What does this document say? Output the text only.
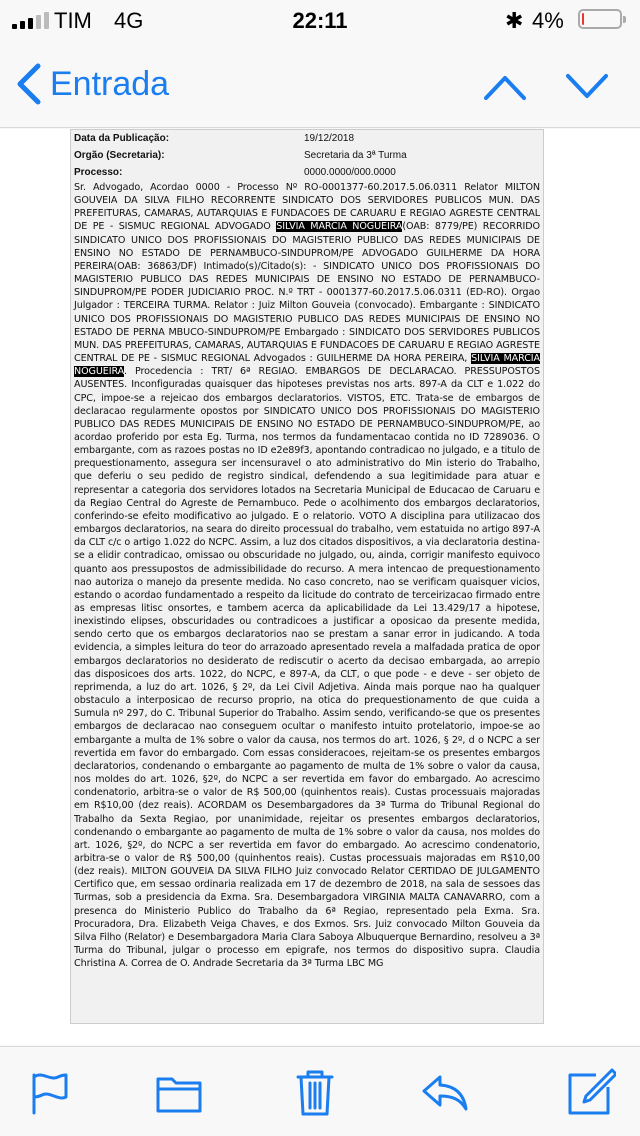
TIM 4G	22:11	✱ 4%
Entrada
Data da Publicação:	19/12/2018
Orgão (Secretaria):	Secretaria da 3ª Turma
Processo:	0000.0000/000.0000
Sr. Advogado, Acordao 0000 - Processo Nº RO-0001377-60.2017.5.06.0311 Relator MILTON GOUVEIA DA SILVA FILHO RECORRENTE SINDICATO DOS SERVIDORES PUBLICOS MUN. DAS PREFEITURAS, CAMARAS, AUTARQUIAS E FUNDACOES DE CARUARU E REGIAO AGRESTE CENTRAL DE PE - SISMUC REGIONAL ADVOGADO SILVIA MARCIA NOGUEIRA(OAB: 8779/PE) RECORRIDO SINDICATO UNICO DOS PROFISSIONAIS DO MAGISTERIO PUBLICO DAS REDES MUNICIPAIS DE ENSINO NO ESTADO DE PERNAMBUCO-SINDUPROM/PE ADVOGADO GUILHERME DA HORA PEREIRA(OAB: 36863/DF) Intimado(s)/Citado(s): - SINDICATO UNICO DOS PROFISSIONAIS DO MAGISTERIO PUBLICO DAS REDES MUNICIPAIS DE ENSINO NO ESTADO DE PERNAMBUCO-SINDUPROM/PE PODER JUDICIARIO PROC. N.º TRT - 0001377-60.2017.5.06.0311 (ED-RO). Orgao Julgador : TERCEIRA TURMA. Relator : Juiz Milton Gouveia (convocado). Embargante : SINDICATO UNICO DOS PROFISSIONAIS DO MAGISTERIO PUBLICO DAS REDES MUNICIPAIS DE ENSINO NO ESTADO DE PERNA MBUCO-SINDUPROM/PE Embargado : SINDICATO DOS SERVIDORES PUBLICOS MUN. DAS PREFEITURAS, CAMARAS, AUTARQUIAS E FUNDACOES DE CARUARU E REGIAO AGRESTE CENTRAL DE PE - SISMUC REGIONAL Advogados : GUILHERME DA HORA PEREIRA, SILVIA MARCIA NOGUEIRA. Procedencia : TRT/ 6ª REGIAO. EMBARGOS DE DECLARACAO. PRESSUPOSTOS AUSENTES. Inconfiguradas quaisquer das hipoteses previstas nos arts. 897-A da CLT e 1.022 do CPC, impoe-se a rejeicao dos embargos declaratorios. VISTOS, ETC. Trata-se de embargos de declaracao regularmente opostos por SINDICATO UNICO DOS PROFISSIONAIS DO MAGISTERIO PUBLICO DAS REDES MUNICIPAIS DE ENSINO NO ESTADO DE PERNAMBUCO-SINDUPROM/PE, ao acordao proferido por esta Eg. Turma, nos termos da fundamentacao contida no ID 7289036. O embargante, com as razoes postas no ID e2e89f3, apontando contradicao no julgado, e a titulo de prequestionamento, assegura ser incensuravel o ato administrativo do Min isterio do Trabalho, que deferiu o seu pedido de registro sindical, defendendo a sua legitimidade para atuar e representar a categoria dos servidores lotados na Secretaria Municipal de Educacao de Caruaru e da Regiao Central do Agreste de Pernambuco. Pede o acolhimento dos embargos declaratorios, conferindo-se efeito modificativo ao julgado. E o relatorio. VOTO A disciplina para utilizacao dos embargos declaratorios, na seara do direito processual do trabalho, vem estatuida no artigo 897-A da CLT c/c o artigo 1.022 do NCPC. Assim, a luz dos citados dispositivos, a via declaratoria destina-se a elidir contradicao, omissao ou obscuridade no julgado, ou, ainda, corrigir manifesto equivoco quanto aos pressupostos de admissibilidade do recurso. A mera intencao de prequestionamento nao autoriza o manejo da presente medida. No caso concreto, nao se verificam quaisquer vicios, estando o acordao fundamentado a respeito da licitude do contrato de terceirizacao firmado entre as empresas litisc onsortes, e tambem acerca da aplicabilidade da Lei 13.429/17 a hipotese, inexistindo elipses, obscuridades ou contradicoes a justificar a oposicao da presente medida, sendo certo que os embargos declaratorios nao se prestam a sanar error in judicando. A toda evidencia, a simples leitura do teor do arrazoado apresentado revela a malfadada pratica de opor embargos declaratorios no desiderato de rediscutir o acerto da decisao embargada, ao arrepio das disposicoes dos arts. 1022, do NCPC, e 897-A, da CLT, o que pode - e deve - ser objeto de reprimenda, a luz do art. 1026, § 2º, da Lei Civil Adjetiva. Ainda mais porque nao ha qualquer obstaculo a interposicao de recurso proprio, na otica do prequestionamento de que cuida a Sumula nº 297, do C. Tribunal Superior do Trabalho. Assim sendo, verificando-se que os presentes embargos de declaracao nao conseguem ocultar o manifesto intuito protelatorio, impoe-se ao embargante a multa de 1% sobre o valor da causa, nos termos do art. 1026, § 2º, d o NCPC a ser revertida em favor do embargado. Com essas consideracoes, rejeitam-se os presentes embargos declaratorios, condenando o embargante ao pagamento de multa de 1% sobre o valor da causa, nos moldes do art. 1026, §2º, do NCPC a ser revertida em favor do embargado. Ao acrescimo condenatorio, arbitra-se o valor de R$ 500,00 (quinhentos reais). Custas processuais majoradas em R$10,00 (dez reais). ACORDAM os Desembargadores da 3ª Turma do Tribunal Regional do Trabalho da Sexta Regiao, por unanimidade, rejeitar os presentes embargos declaratorios, condenando o embargante ao pagamento de multa de 1% sobre o valor da causa, nos moldes do art. 1026, §2º, do NCPC a ser revertida em favor do embargado. Ao acrescimo condenatorio, arbitra-se o valor de R$ 500,00 (quinhentos reais). Custas processuais majoradas em R$10,00 (dez reais). MILTON GOUVEIA DA SILVA FILHO Juiz convocado Relator CERTIDAO DE JULGAMENTO Certifico que, em sessao ordinaria realizada em 17 de dezembro de 2018, na sala de sessoes das Turmas, sob a presidencia da Exma. Sra. Desembargadora VIRGINIA MALTA CANAVARRO, com a presenca do Ministerio Publico do Trabalho da 6ª Regiao, representado pela Exma. Sra. Procuradora, Dra. Elizabeth Veiga Chaves, e dos Exmos. Srs. Juiz convocado Milton Gouveia da Silva Filho (Relator) e Desembargadora Maria Clara Saboya Albuquerque Bernardino, resolveu a 3ª Turma do Tribunal, julgar o processo em epigrafe, nos termos do dispositivo supra. Claudia Christina A. Correa de O. Andrade Secretaria da 3ª Turma LBC MG
